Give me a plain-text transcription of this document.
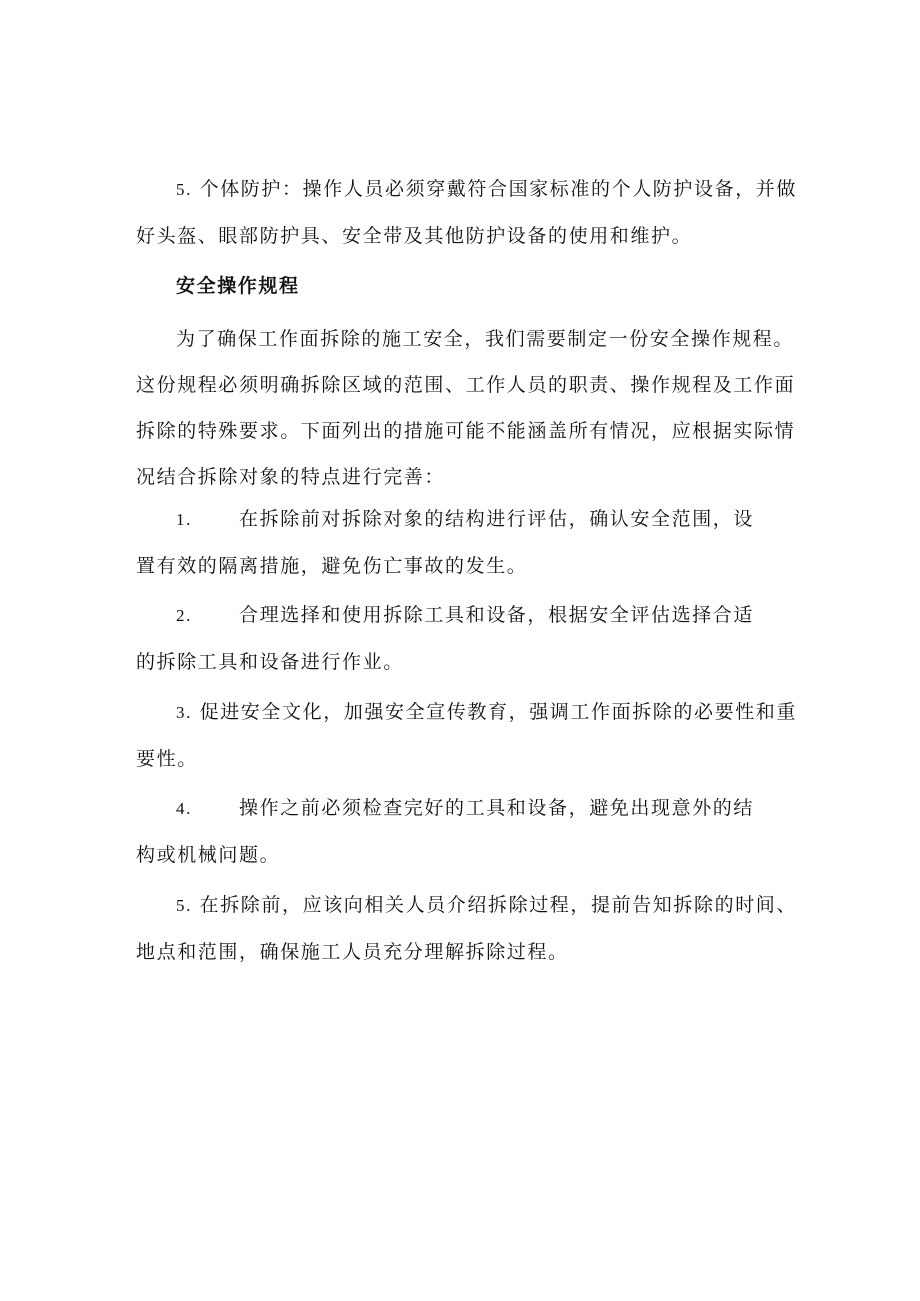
5. 个体防护：操作人员必须穿戴符合国家标准的个人防护设备，并做
好头盔、眼部防护具、安全带及其他防护设备的使用和维护。
安全操作规程
为了确保工作面拆除的施工安全，我们需要制定一份安全操作规程。
这份规程必须明确拆除区域的范围、工作人员的职责、操作规程及工作面
拆除的特殊要求。下面列出的措施可能不能涵盖所有情况，应根据实际情
况结合拆除对象的特点进行完善：
1. 在拆除前对拆除对象的结构进行评估，确认安全范围，设
置有效的隔离措施，避免伤亡事故的发生。
2. 合理选择和使用拆除工具和设备，根据安全评估选择合适
的拆除工具和设备进行作业。
3. 促进安全文化，加强安全宣传教育，强调工作面拆除的必要性和重
要性。
4. 操作之前必须检查完好的工具和设备，避免出现意外的结
构或机械问题。
5. 在拆除前，应该向相关人员介绍拆除过程，提前告知拆除的时间、
地点和范围，确保施工人员充分理解拆除过程。
